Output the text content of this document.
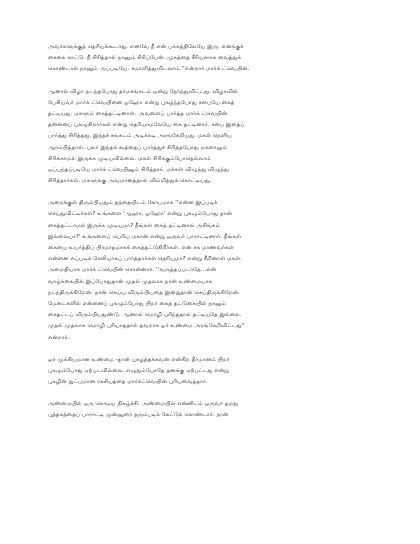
அவர்களுக்குத் தெரியக்கூடாது. எனவே நீ என் பக்கத்திலேயே இரு. எனக்குச்
சைகை காட்டு. நீ சிரித்தால் நானும் சிரிப்பேன். முகத்தை சீரியஸாக வைத்துக்
கொண்டால் நானும் அப்படியே. சமாளித்துவிடலாம்.''என்றார் மார்க் ட்வெயின்.
ஆனால் விழா நடந்தபோது தர்மசங்கடம் ஒன்று நேர்ந்துவிட்டது. விழாவில்
பேசியவர் மார்க் ட்வெயினை ஓஹோ என்று புகழ்ந்தபோது சபையே கைத்
தட்டியது. மகளும் கைத்தட்டினாள். அவளைப் பார்த்த மார்க் ட்வெயின்
தன்னைப் புகழுகிறார்கள் என்று தெரியாமலேயே கை தட்டினார். சபை இதைப்
பார்த்து சிரித்தது. இந்தச் சங்கடம் அடிக்கடி அரங்கேறியது. மகள் நெளிய
ஆரம்பித்தாள். பலர் இந்தக் கூத்தைப் பார்த்துச் சிரித்தபோது மகளாலும்
சிரிக்காமல் இருக்க முடியவில்லை. மகள் சிரிக்கும்போதெல்லாம்
ஒப்பந்தப்படியே மார்க் ட்வெயினும் சிரித்தார். மக்கள் விழுந்து விழுந்து
சிரித்தார்கள். மகளுக்கு அவமானத்தால் விம்மித்துக் கொட்டியது.
அறைக்குள் திரும்பியதும் தந்தையிடம் கோபமாக ''என்ன இப்படிச்
செய்துவிட்டீர்கள்? உங்களை 'ஆஹா, ஓஹோ' என்று புகழும்போது தான்
கைத்தட்டாமல் இருக்க முடியுமா? நீங்கள் கைத் தட்டினால் அசிங்கம்
இல்லையா?' உங்களைப் பெரிய மகான் என்று ஒருவர் பாராட்டினார். நீங்கள்
கையை உயர்த்திப் பிரமாதமாகக் கைத்தட்டுகிறீர்கள். என் சக மாணவர்கள்
என்னை எப்படிக் கேலியாகப் பார்த்தார்கள் தெரியுமா? என்று சீறினாள் மகள்.
அமைதியாக மார்க் ட்வெயின் சொன்னார். ''வருத்தப்படாதே...என்
வாழ்க்கையில் இப்போதுதான் முதல் முதலாக நான் உண்மையாக
நடந்திருக்கிறேன். நான் செய்ய விரும்பியதை இன்றுதான் செய்திருக்கிறேன்.
மேடைகளில் என்னைப் புகழும்போது பிறர் கைத் தட்டுகையில் நானும்
கைதட்டப் விரும்பியதுண்டு. ஆனால் மொழி புரிந்ததால் தட்டியதே இல்லை.
முதல் முதலாக மொழி புரியாததால் தவறாக ஓர் உண்மை அரங்கேறிவிட்டது''
என்றார்.
ஓர் முக்கியமான உண்மை -தான் புகழத்தக்கவன் என்கிற தீர்மானம் பிறர்
புகழும்போது ஏற்படவில்லை. எழுதும்போதே தனக்கு ஏற்பட்டது என்று
புகழின் நுட்பமான ரகசியத்தை மார்க்ட்வெயின் புரியவைத்தார்.
அண்மையில் ஒரு கொடிய நிகழ்ச்சி. அண்மையில் என்னிடம் ஒருவர் தமது
புத்தகத்தைப் பாராட்டி முன்னுரை தரும்படிக் கேட்டுக் கொண்டார். நான்
